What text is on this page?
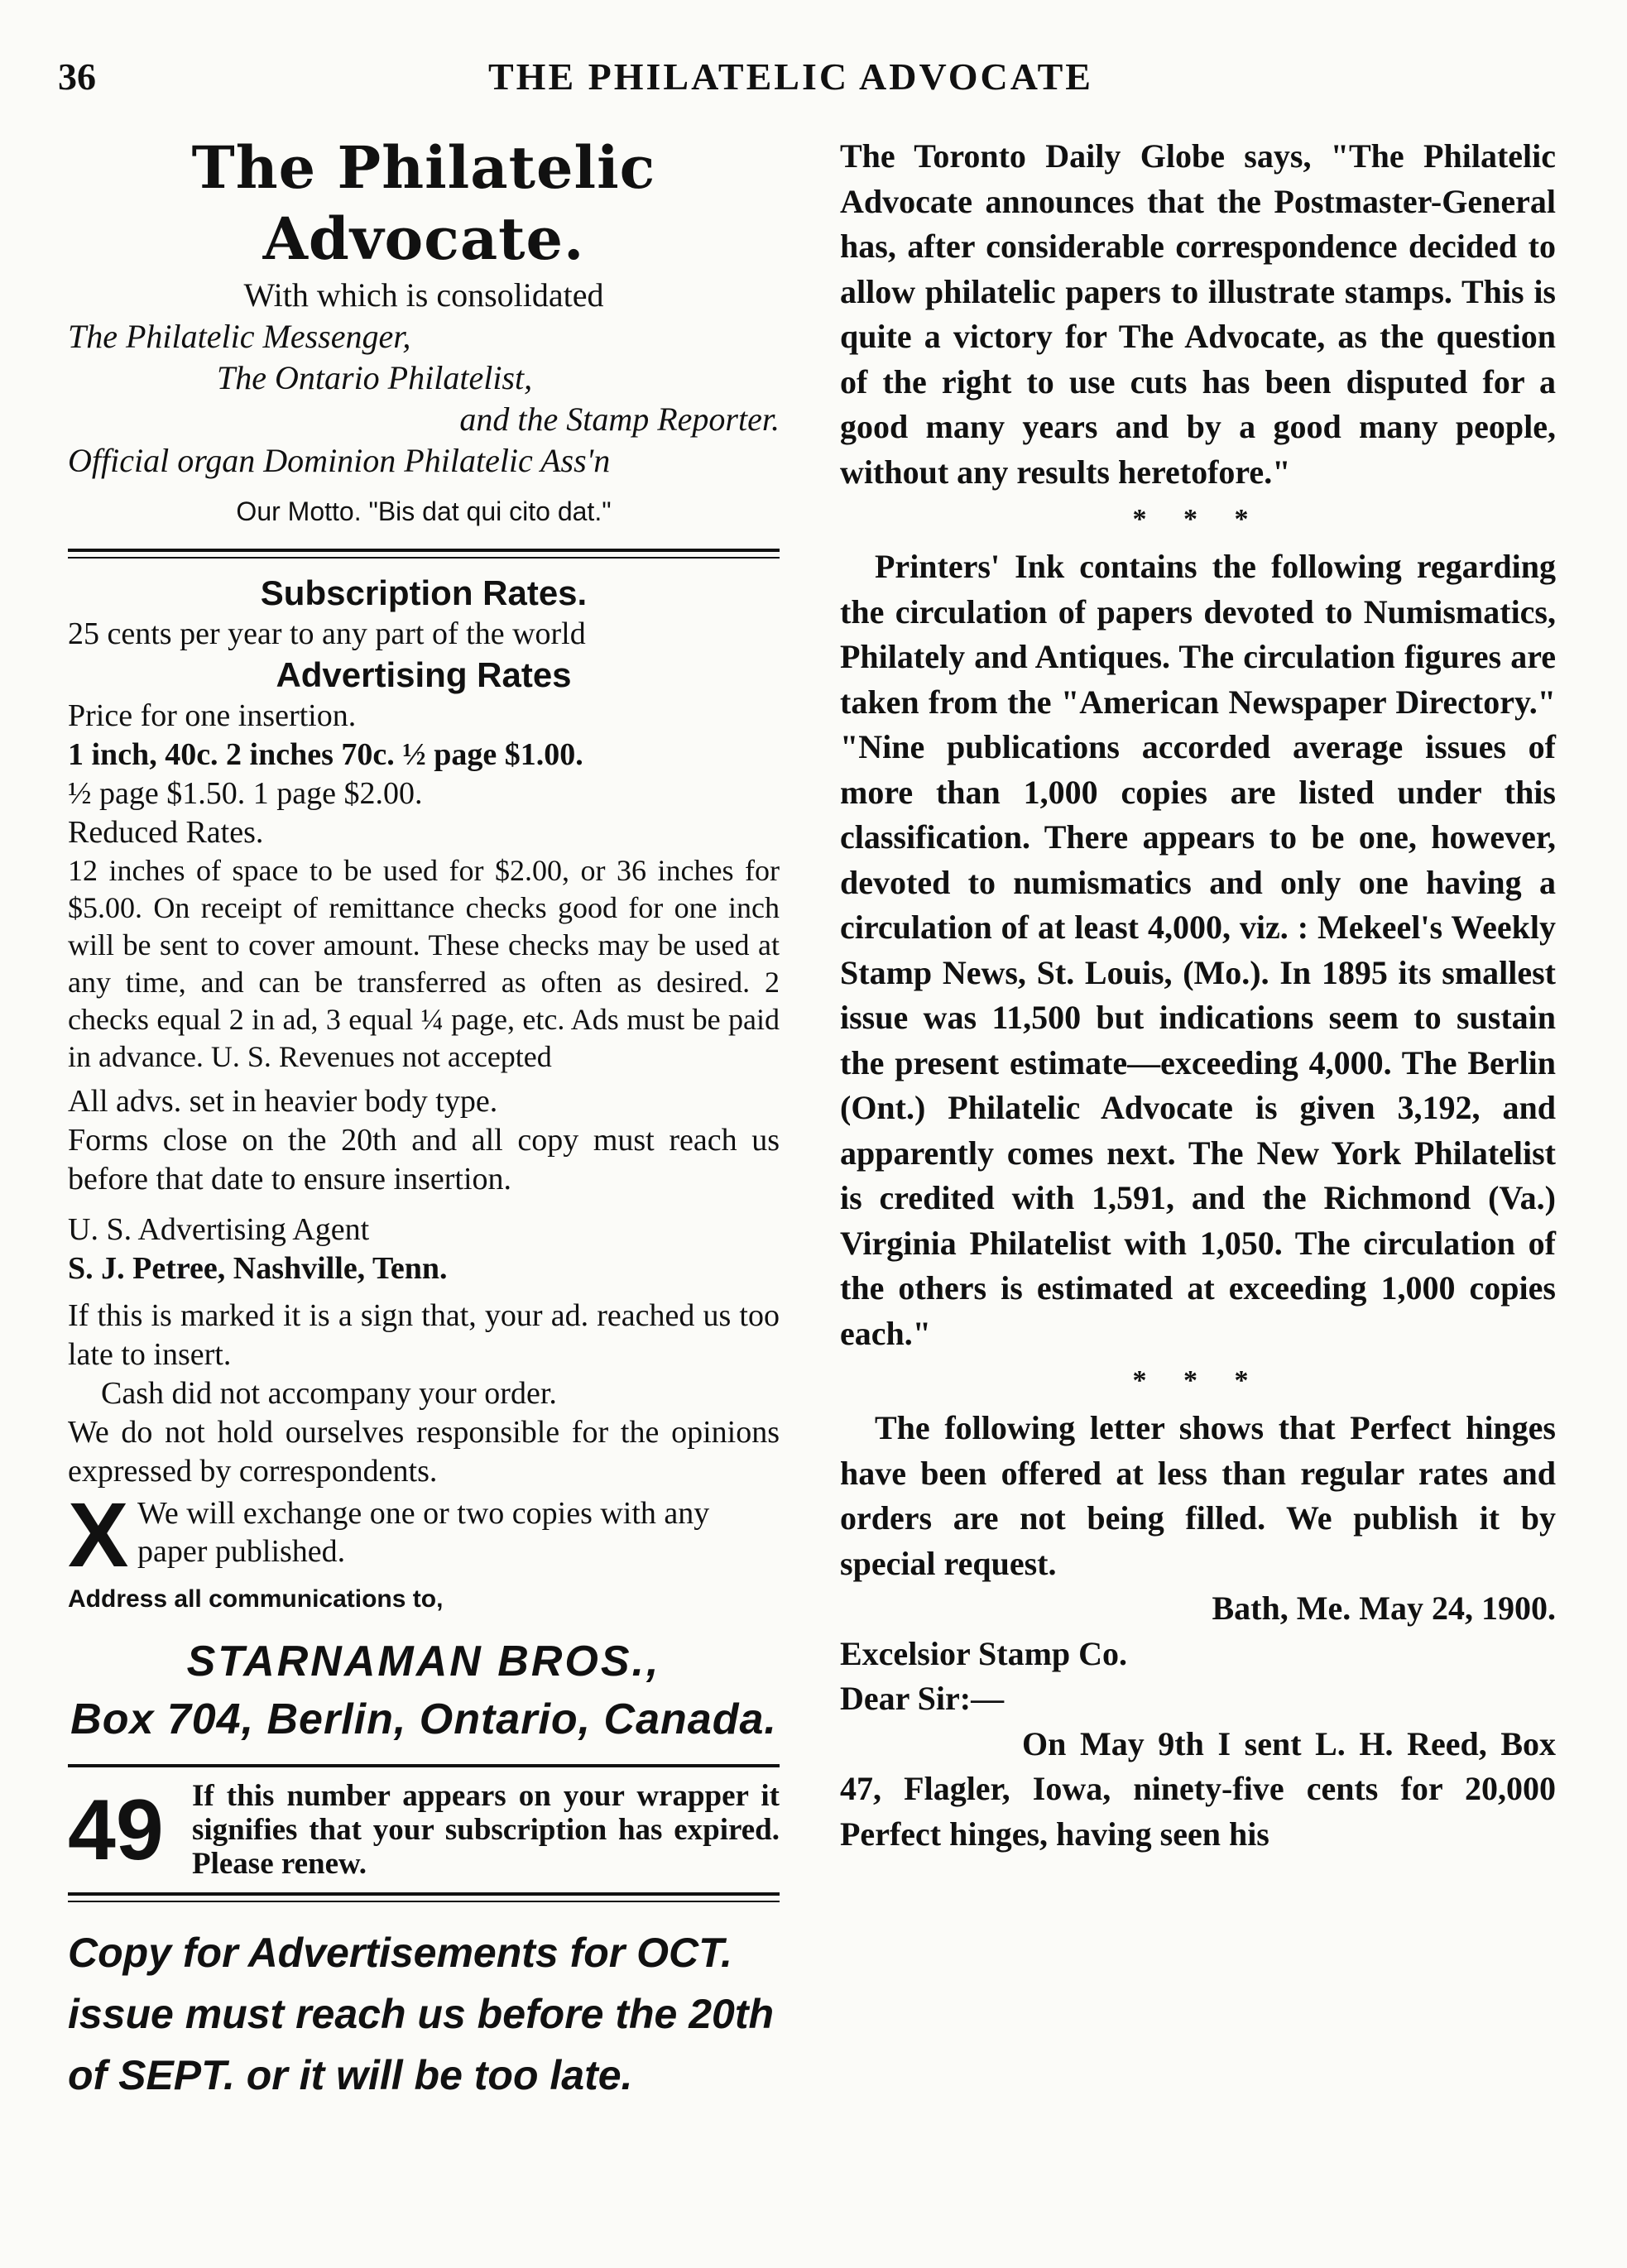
36	THE PHILATELIC ADVOCATE
The Philatelic Advocate.
With which is consolidated
The Philatelic Messenger,
The Ontario Philatelist,
and the Stamp Reporter.
Official organ Dominion Philatelic Ass'n
Our Motto. "Bis dat qui cito dat."
Subscription Rates.
25 cents per year to any part of the world
Advertising Rates
Price for one insertion.
1 inch, 40c. 2 inches 70c. ½ page $1.00.
½ page $1.50. 1 page $2.00.
Reduced Rates.
12 inches of space to be used for $2.00, or 36 inches for $5.00. On receipt of remittance checks good for one inch will be sent to cover amount. These checks may be used at any time, and can be transferred as often as desired. 2 checks equal 2 in ad, 3 equal ¼ page, etc. Ads must be paid in advance. U. S. Revenues not accepted
All advs. set in heavier body type.
Forms close on the 20th and all copy must reach us before that date to ensure insertion.
U. S. Advertising Agent
S. J. Petree, Nashville, Tenn.
If this is marked it is a sign that, your ad. reached us too late to insert.
Cash did not accompany your order.
We do not hold ourselves responsible for the opinions expressed by correspondents.
X We will exchange one or two copies with any paper published.
Address all communications to,
STARNAMAN BROS.,
Box 704, Berlin, Ontario, Canada.
49 If this number appears on your wrapper it signifies that your subscription has expired. Please renew.
Copy for Advertisements for OCT. issue must reach us before the 20th of SEPT. or it will be too late.

The Toronto Daily Globe says, "The Philatelic Advocate announces that the Postmaster-General has, after considerable correspondence decided to allow philatelic papers to illustrate stamps. This is quite a victory for The Advocate, as the question of the right to use cuts has been disputed for a good many years and by a good many people, without any results heretofore."

* * *

Printers' Ink contains the following regarding the circulation of papers devoted to Numismatics, Philately and Antiques. The circulation figures are taken from the "American Newspaper Directory." "Nine publications accorded average issues of more than 1,000 copies are listed under this classification. There appears to be one, however, devoted to numismatics and only one having a circulation of at least 4,000, viz. : Mekeel's Weekly Stamp News, St. Louis, (Mo.). In 1895 its smallest issue was 11,500 but indications seem to sustain the present estimate—exceeding 4,000. The Berlin (Ont.) Philatelic Advocate is given 3,192, and apparently comes next. The New York Philatelist is credited with 1,591, and the Richmond (Va.) Virginia Philatelist with 1,050. The circulation of the others is estimated at exceeding 1,000 copies each."

* * *

The following letter shows that Perfect hinges have been offered at less than regular rates and orders are not being filled. We publish it by special request.

Bath, Me. May 24, 1900.

Excelsior Stamp Co.

Dear Sir:—

On May 9th I sent L. H. Reed, Box 47, Flagler, Iowa, ninety-five cents for 20,000 Perfect hinges, having seen his
